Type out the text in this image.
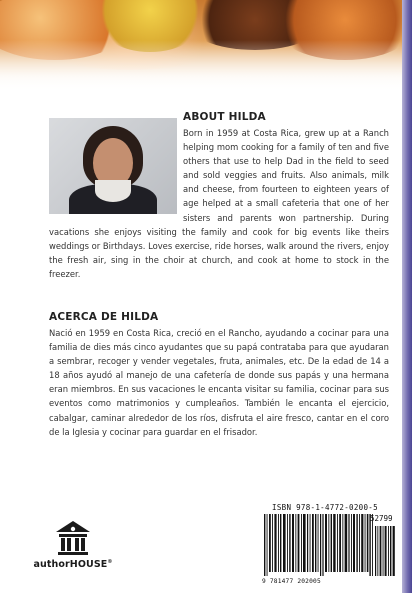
ABOUT HILDA

Born in 1959 at Costa Rica, grew up at a Ranch helping mom cooking for a family of ten and five others that use to help Dad in the field to seed and sold veggies and fruits. Also animals, milk and cheese, from fourteen to eighteen years of age helped at a small cafeteria that one of her sisters and parents won partnership. During vacations she enjoys visiting the family and cook for big events like theirs weddings or Birthdays. Loves exercise, ride horses, walk around the rivers, enjoy the fresh air, sing in the choir at church, and cook at home to stock in the freezer.

ACERCA DE HILDA

Nació en 1959 en Costa Rica, creció en el Rancho, ayudando a cocinar para una familia de dies más cinco ayudantes que su papá contrataba para que ayudaran a sembrar, recoger y vender vegetales, fruta, animales, etc. De la edad de 14 a 18 años ayudó al manejo de una cafetería de donde sus papás y una hermana eran miembros. En sus vacaciones le encanta visitar su familia, cocinar para sus eventos como matrimonios y cumpleaños. También le encanta el ejercicio, cabalgar, caminar alrededor de los ríos, disfruta el aire fresco, cantar en el coro de la Iglesia y cocinar para guardar en el frisador.

authorHOUSE®
ISBN 978-1-4772-0200-5
52799
9 781477 202005
